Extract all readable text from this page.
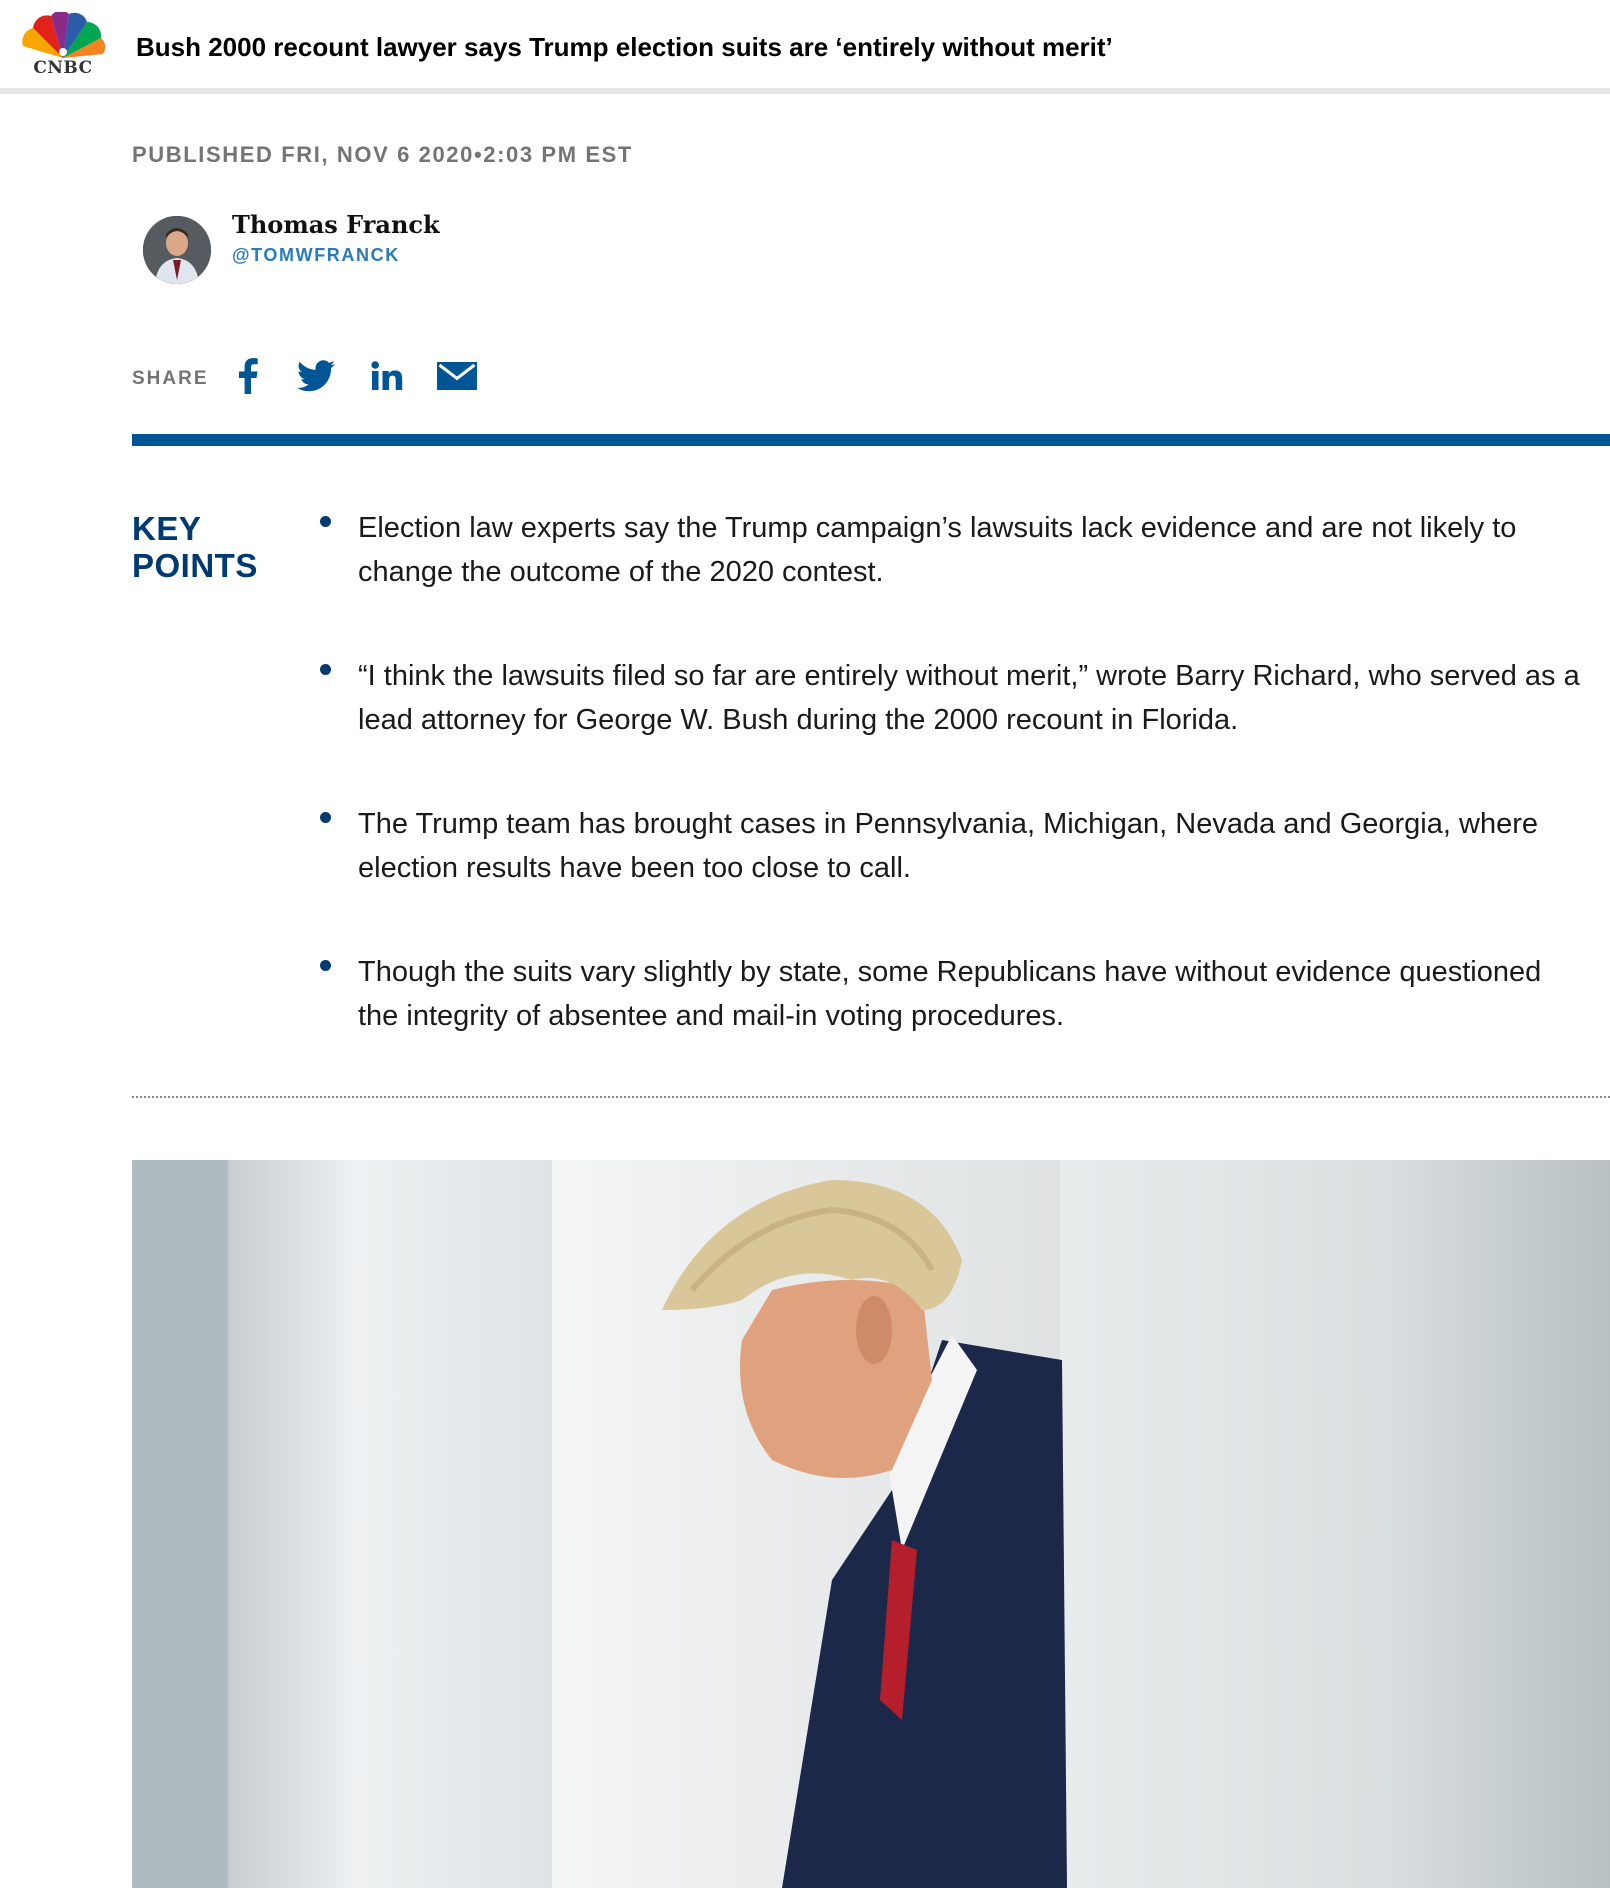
CNBC
Bush 2000 recount lawyer says Trump election suits are ‘entirely without merit’
PUBLISHED FRI, NOV 6 2020•2:03 PM EST
Thomas Franck
@TOMWFRANCK
SHARE
KEY POINTS
Election law experts say the Trump campaign’s lawsuits lack evidence and are not likely to change the outcome of the 2020 contest.
“I think the lawsuits filed so far are entirely without merit,” wrote Barry Richard, who served as a lead attorney for George W. Bush during the 2000 recount in Florida.
The Trump team has brought cases in Pennsylvania, Michigan, Nevada and Georgia, where election results have been too close to call.
Though the suits vary slightly by state, some Republicans have without evidence questioned the integrity of absentee and mail-in voting procedures.
